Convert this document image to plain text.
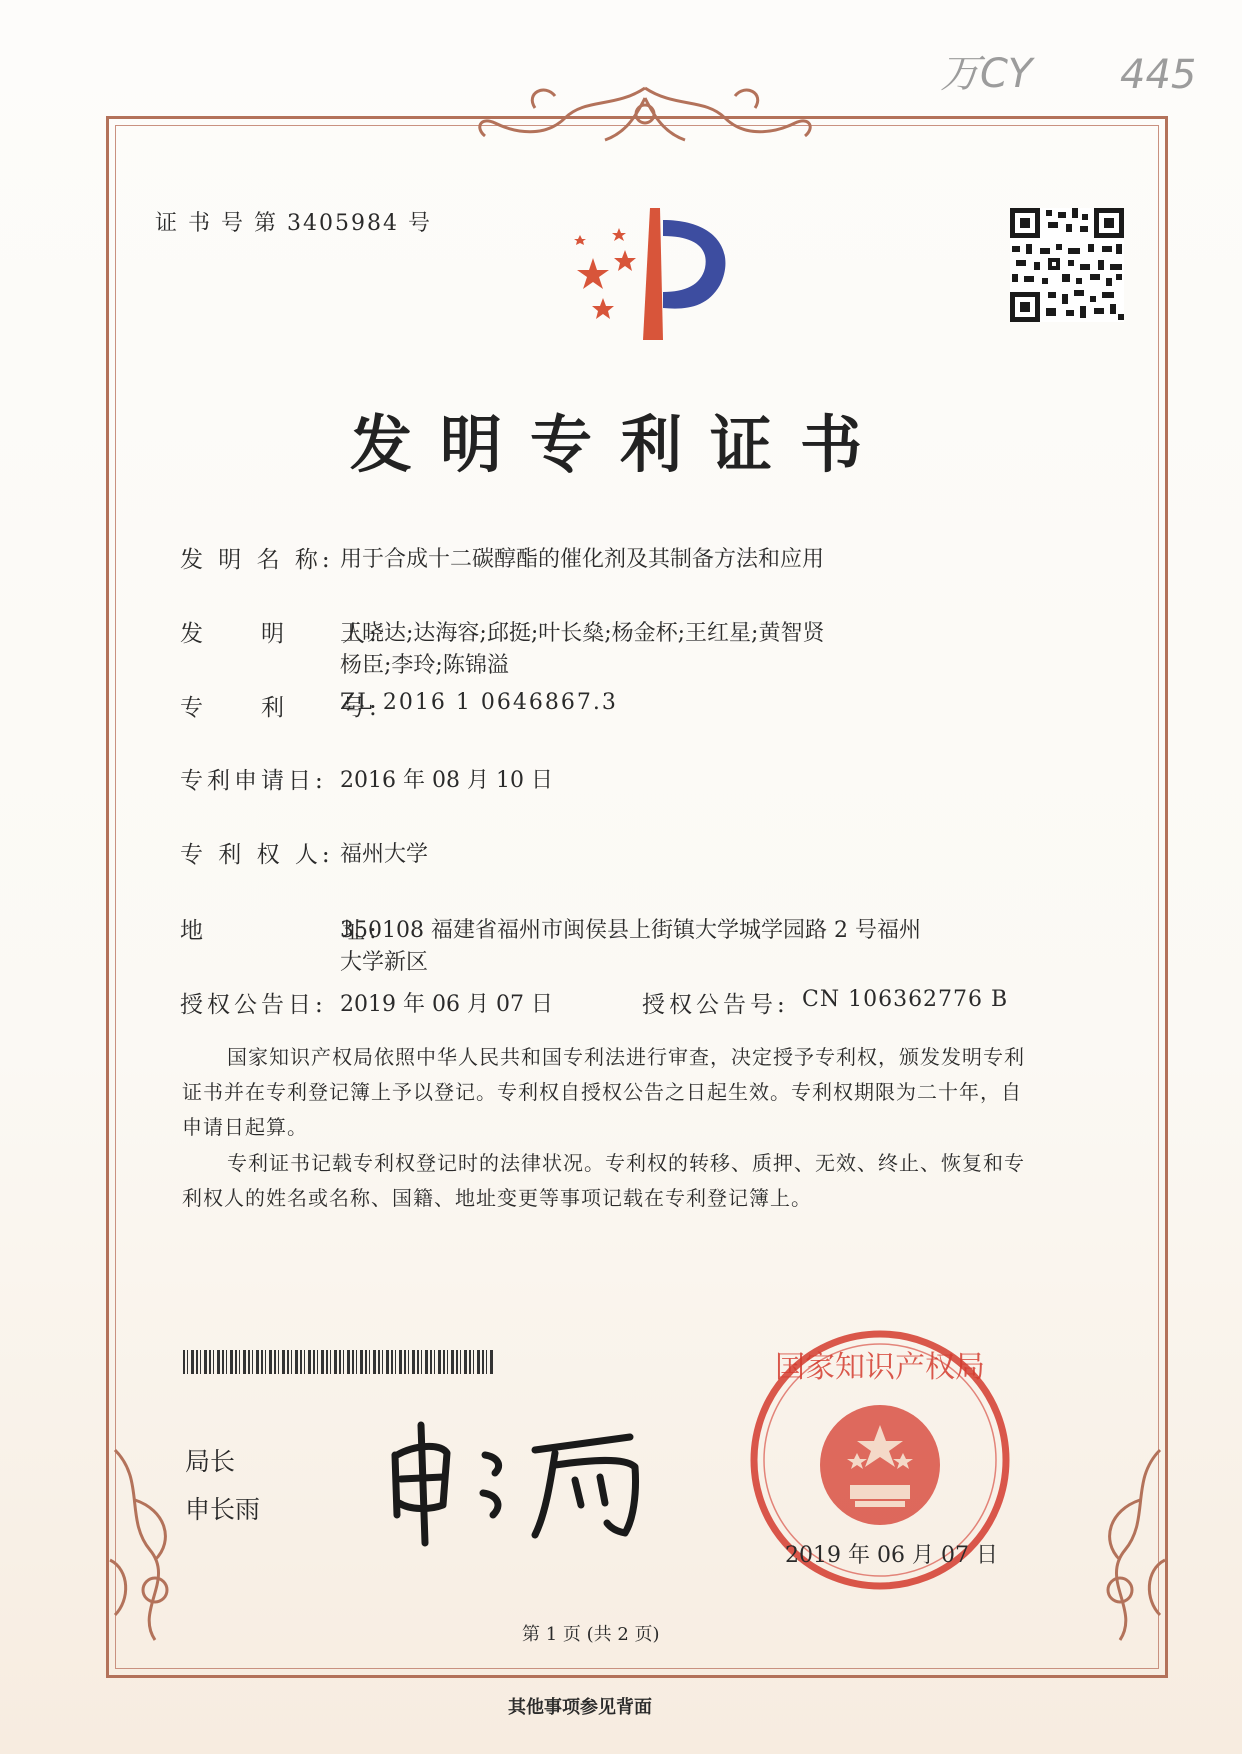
万CY 445
证 书 号 第 3405984 号
发明专利证书
发 明 名 称: 用于合成十二碳醇酯的催化剂及其制备方法和应用
发　　明　　人:
王晓达;达海容;邱挺;叶长燊;杨金杯;王红星;黄智贤
杨臣;李玲;陈锦溢
专　　利　　号:
ZL 2016 1 0646867.3
专利申请日: 2016 年 08 月 10 日
专 利 权 人: 福州大学
地　　　　　址:
350108 福建省福州市闽侯县上街镇大学城学园路 2 号福州
大学新区
授权公告日: 2019 年 06 月 07 日	授权公告号: CN 106362776 B
国家知识产权局依照中华人民共和国专利法进行审查，决定授予专利权，颁发发明专利
证书并在专利登记簿上予以登记。专利权自授权公告之日起生效。专利权期限为二十年，自
申请日起算。
专利证书记载专利权登记时的法律状况。专利权的转移、质押、无效、终止、恢复和专
利权人的姓名或名称、国籍、地址变更等事项记载在专利登记簿上。
局长
申长雨
国家知识产权局
2019 年 06 月 07 日
第 1 页 (共 2 页)
其他事项参见背面
